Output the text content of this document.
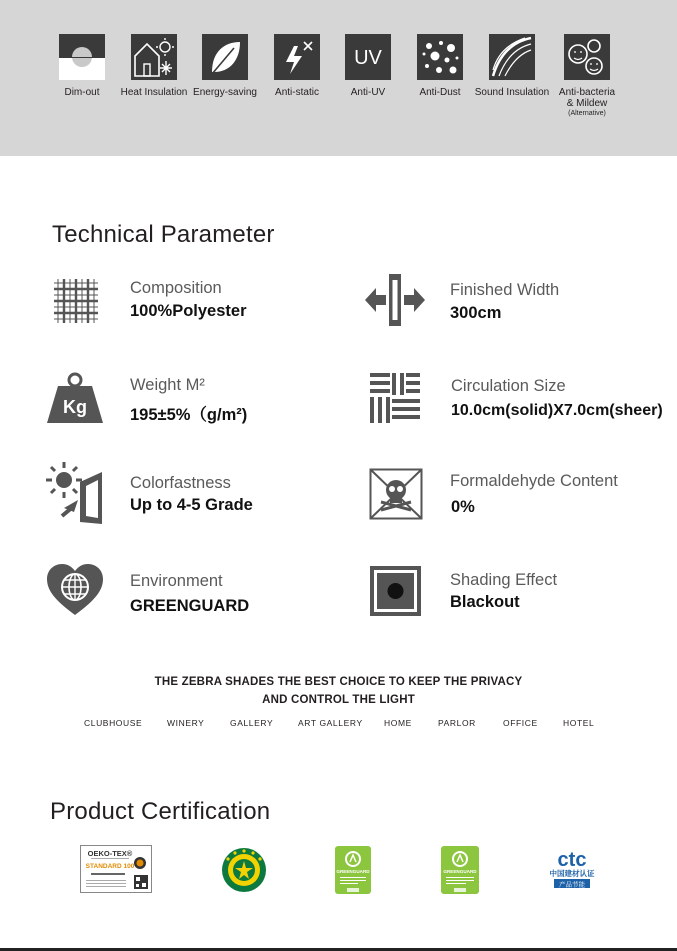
Dim-out	Heat Insulation Energy-saving	Anti-static
UV
Anti-UV	Anti-Dust	Sound Insulation Anti-bacteria
& Mildew
(Alternative)
Technical Parameter
Composition
100%Polyester
Finished Width
300cm
Kg
Weight M²
195±5%（g/m²)
Circulation Size
10.0cm(solid)X7.0cm(sheer)
Colorfastness
Up to 4-5 Grade
Formaldehyde Content
0%
Environment
GREENGUARD
Shading Effect
Blackout
THE ZEBRA SHADES THE BEST CHOICE TO KEEP THE PRIVACY
AND CONTROL THE LIGHT
CLUBHOUSE	WINERY	GALLERY	ART GALLERY	HOME	PARLOR	OFFICE	HOTEL
Product Certification
OEKO-TEX®
STANDARD 100
GREENGUARD	GREENGUARD
ctc
中国建材认证
产品节能
